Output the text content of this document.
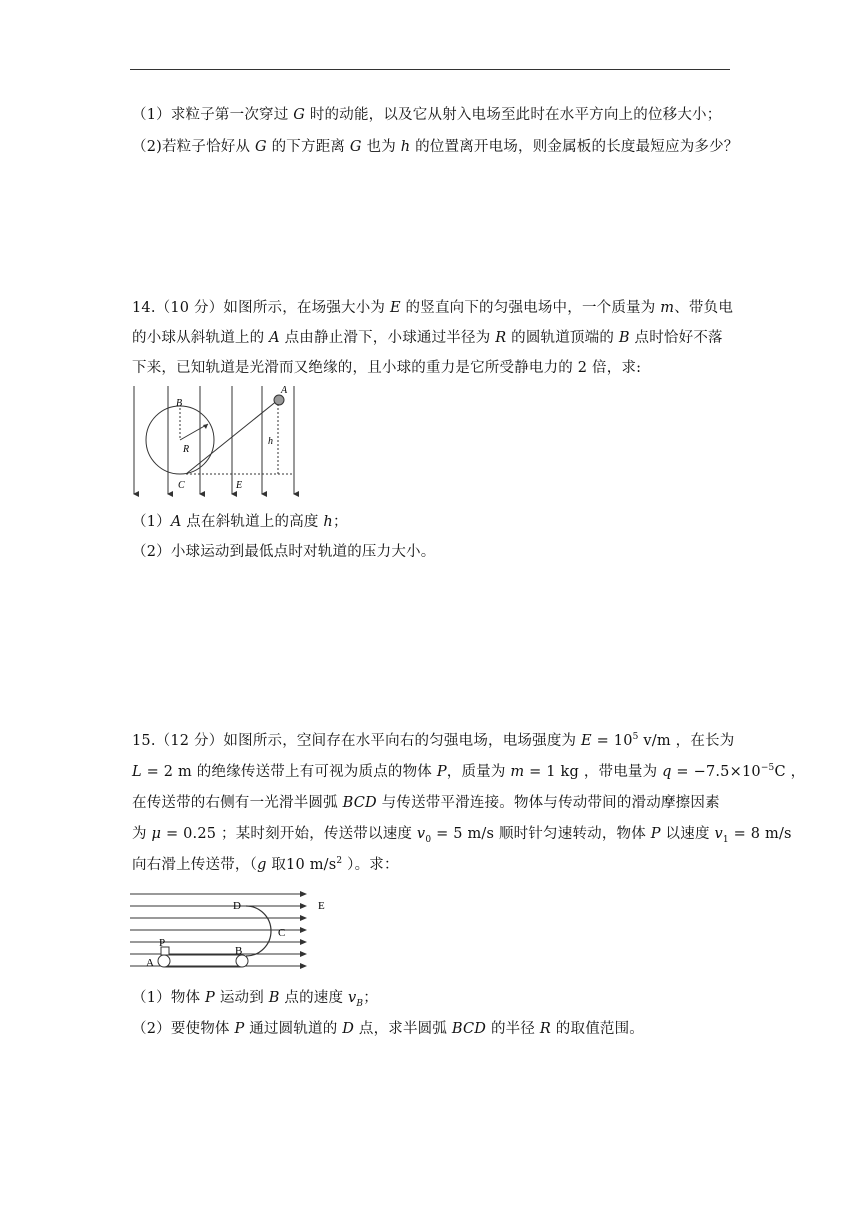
（1）求粒子第一次穿过 G 时的动能，以及它从射入电场至此时在水平方向上的位移大小；
（2)若粒子恰好从 G 的下方距离 G 也为 h 的位置离开电场，则金属板的长度最短应为多少？
14.（10 分）如图所示，在场强大小为 E 的竖直向下的匀强电场中，一个质量为 m、带负电
的小球从斜轨道上的 A 点由静止滑下，小球通过半径为 R 的圆轨道顶端的 B 点时恰好不落
下来，已知轨道是光滑而又绝缘的，且小球的重力是它所受静电力的 2 倍，求:
A
B
R
C	E
h
（1）A 点在斜轨道上的高度 h；
（2）小球运动到最低点时对轨道的压力大小。
15.（12 分）如图所示，空间存在水平向右的匀强电场，电场强度为 $E = 10^5$ v/m ，在长为
L = 2 m 的绝缘传送带上有可视为质点的物体 P，质量为 m = 1 kg ，带电量为 $q = -7.5\times 10^{-5}C$ ，
在传送带的右侧有一光滑半圆弧 BCD 与传送带平滑连接。物体与传动带间的滑动摩擦因素
为 μ = 0.25 ；某时刻开始，传送带以速度 $v_0 = 5$ m/s 顺时针匀速转动，物体 P 以速度 $v_1 = 8$ m/s
向右滑上传送带，（g 取10 $m/s^2$ ）。求：
D	E
C
P
B
A
（1）物体 P 运动到 B 点的速度 $v_B$；
（2）要使物体 P 通过圆轨道的 D 点，求半圆弧 BCD 的半径 R 的取值范围。
